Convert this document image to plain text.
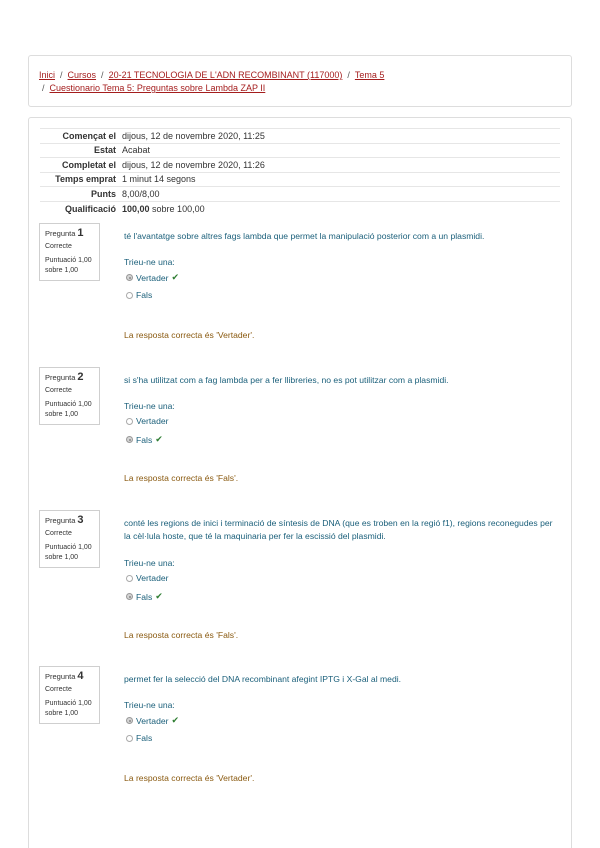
Inici / Cursos / 20-21 TECNOLOGIA DE L'ADN RECOMBINANT (117000) / Tema 5
/ Cuestionario Tema 5: Preguntas sobre Lambda ZAP II
Començat el	dijous, 12 de novembre 2020, 11:25
Estat	Acabat
Completat el	dijous, 12 de novembre 2020, 11:26
Temps emprat	1 minut 14 segons
Punts	8,00/8,00
Qualificació	100,00 sobre 100,00
Pregunta 1
Correcte
Puntuació 1,00
sobre 1,00
té l'avantatge sobre altres fags lambda que permet la manipulació posterior com a un plasmidi.
Trieu-ne una:
Vertader ✔
Fals
La resposta correcta és 'Vertader'.
Pregunta 2
Correcte
Puntuació 1,00
sobre 1,00
si s'ha utilitzat com a fag lambda per a fer llibreries, no es pot utilitzar com a plasmidi.
Trieu-ne una:
Vertader
Fals ✔
La resposta correcta és 'Fals'.
Pregunta 3
Correcte
Puntuació 1,00
sobre 1,00
conté les regions de inici i terminació de síntesis de DNA (que es troben en la regió f1), regions reconegudes per la cèl·lula hoste, que té la maquinaria per fer la escissió del plasmidi.
Trieu-ne una:
Vertader
Fals ✔
La resposta correcta és 'Fals'.
Pregunta 4
Correcte
Puntuació 1,00
sobre 1,00
permet fer la selecció del DNA recombinant afegint IPTG i X-Gal al medi.
Trieu-ne una:
Vertader ✔
Fals
La resposta correcta és 'Vertader'.
